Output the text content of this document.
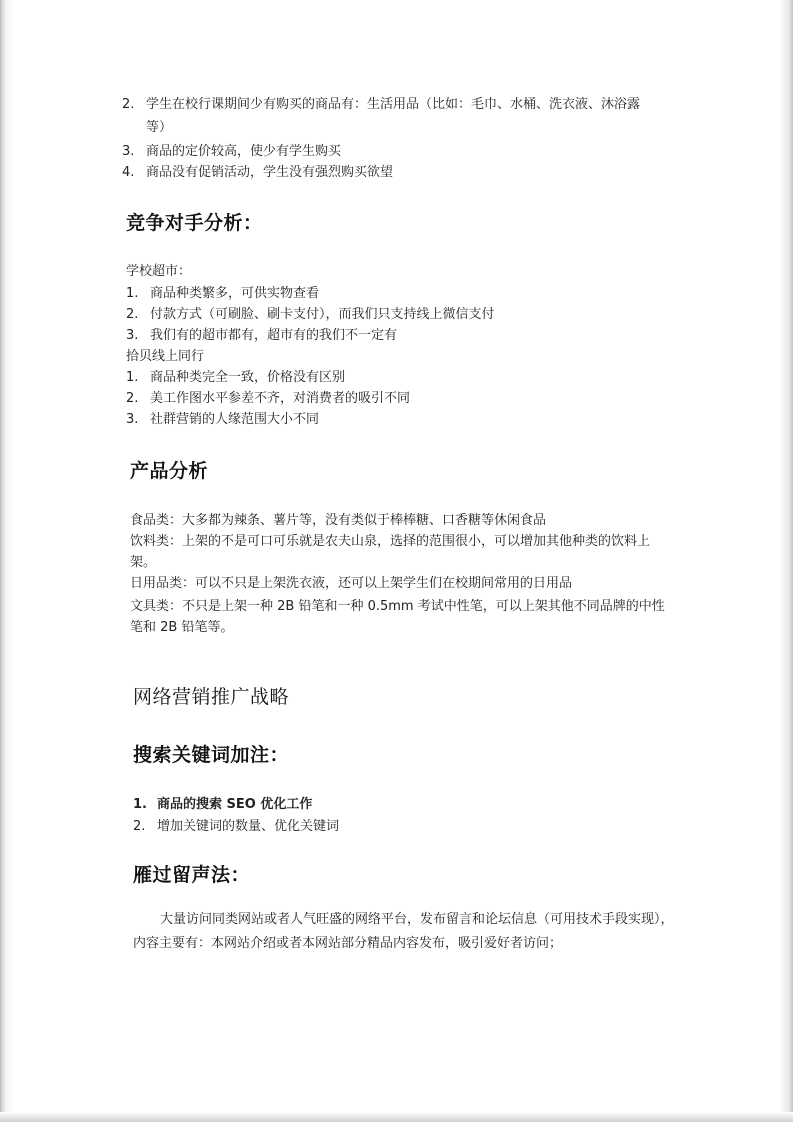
2. 学生在校行课期间少有购买的商品有：生活用品（比如：毛巾、水桶、洗衣液、沐浴露
等）
3. 商品的定价较高，使少有学生购买
4. 商品没有促销活动，学生没有强烈购买欲望
竞争对手分析：
学校超市：
1. 商品种类繁多，可供实物查看
2. 付款方式（可刷脸、刷卡支付），而我们只支持线上微信支付
3. 我们有的超市都有，超市有的我们不一定有
拾贝线上同行
1. 商品种类完全一致，价格没有区别
2. 美工作图水平参差不齐，对消费者的吸引不同
3. 社群营销的人缘范围大小不同
产品分析
食品类：大多都为辣条、薯片等，没有类似于棒棒糖、口香糖等休闲食品
饮料类：上架的不是可口可乐就是农夫山泉，选择的范围很小，可以增加其他种类的饮料上
架。
日用品类：可以不只是上架洗衣液，还可以上架学生们在校期间常用的日用品
文具类：不只是上架一种 2B 铅笔和一种 0.5mm 考试中性笔，可以上架其他不同品牌的中性
笔和 2B 铅笔等。
网络营销推广战略
搜索关键词加注：
1. 商品的搜索 SEO 优化工作
2. 增加关键词的数量、优化关键词
雁过留声法：
大量访问同类网站或者人气旺盛的网络平台，发布留言和论坛信息（可用技术手段实现），
内容主要有：本网站介绍或者本网站部分精品内容发布，吸引爱好者访问；
